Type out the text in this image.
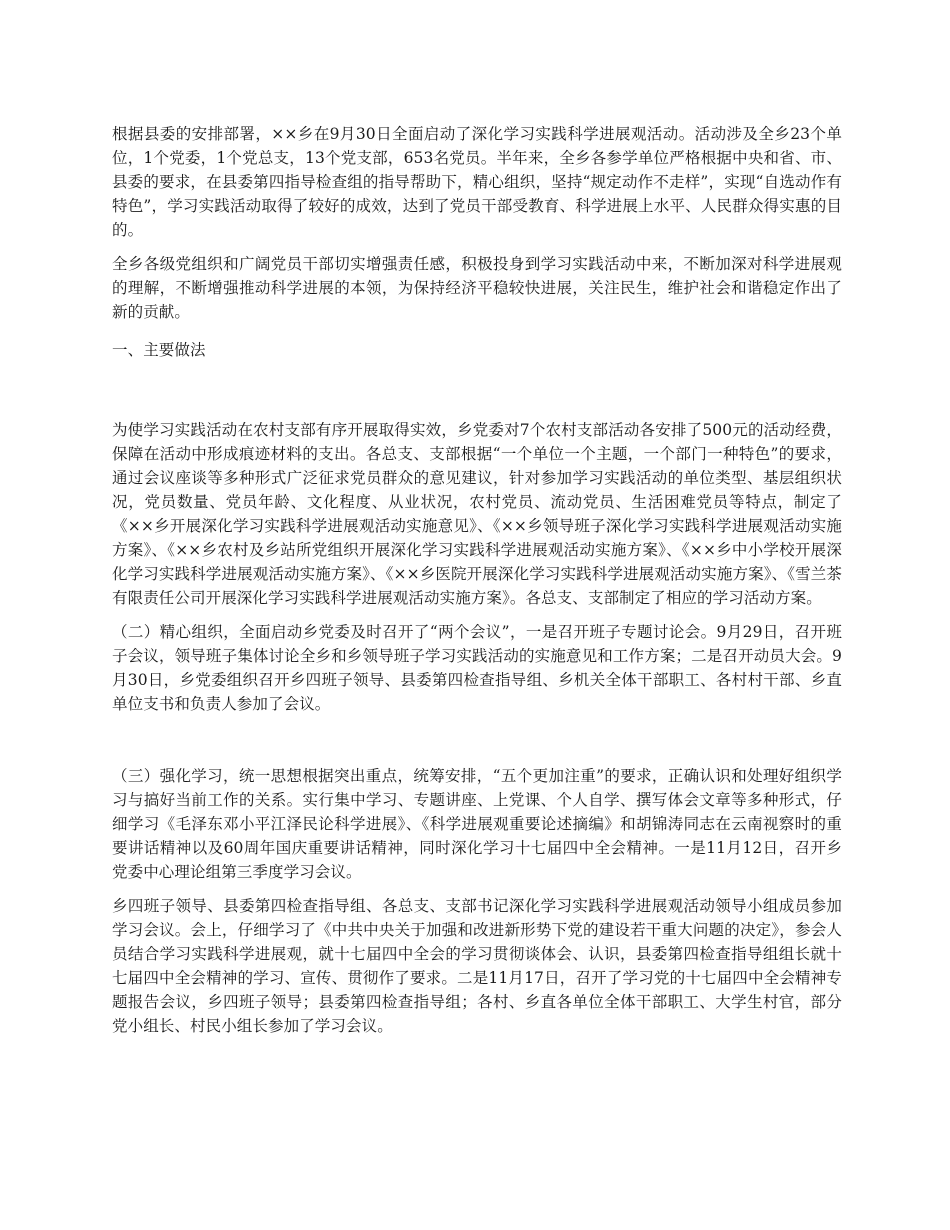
根据县委的安排部署，××乡在9月30日全面启动了深化学习实践科学进展观活动。活动涉及全乡23个单位，1个党委，1个党总支，13个党支部，653名党员。半年来，全乡各参学单位严格根据中央和省、市、县委的要求，在县委第四指导检查组的指导帮助下，精心组织，坚持“规定动作不走样”，实现“自选动作有特色”，学习实践活动取得了较好的成效，达到了党员干部受教育、科学进展上水平、人民群众得实惠的目的。

全乡各级党组织和广阔党员干部切实增强责任感，积极投身到学习实践活动中来，不断加深对科学进展观的理解，不断增强推动科学进展的本领，为保持经济平稳较快进展，关注民生，维护社会和谐稳定作出了新的贡献。

一、主要做法

为使学习实践活动在农村支部有序开展取得实效，乡党委对7个农村支部活动各安排了500元的活动经费，保障在活动中形成痕迹材料的支出。各总支、支部根据“一个单位一个主题，一个部门一种特色”的要求，通过会议座谈等多种形式广泛征求党员群众的意见建议，针对参加学习实践活动的单位类型、基层组织状况，党员数量、党员年龄、文化程度、从业状况，农村党员、流动党员、生活困难党员等特点，制定了《××乡开展深化学习实践科学进展观活动实施意见》、《××乡领导班子深化学习实践科学进展观活动实施方案》、《××乡农村及乡站所党组织开展深化学习实践科学进展观活动实施方案》、《××乡中小学校开展深化学习实践科学进展观活动实施方案》、《××乡医院开展深化学习实践科学进展观活动实施方案》、《雪兰茶有限责任公司开展深化学习实践科学进展观活动实施方案》。各总支、支部制定了相应的学习活动方案。

（二）精心组织，全面启动乡党委及时召开了“两个会议”，一是召开班子专题讨论会。9月29日，召开班子会议，领导班子集体讨论全乡和乡领导班子学习实践活动的实施意见和工作方案；二是召开动员大会。9月30日，乡党委组织召开乡四班子领导、县委第四检查指导组、乡机关全体干部职工、各村村干部、乡直单位支书和负责人参加了会议。

（三）强化学习，统一思想根据突出重点，统筹安排，“五个更加注重”的要求，正确认识和处理好组织学习与搞好当前工作的关系。实行集中学习、专题讲座、上党课、个人自学、撰写体会文章等多种形式，仔细学习《毛泽东邓小平江泽民论科学进展》、《科学进展观重要论述摘编》和胡锦涛同志在云南视察时的重要讲话精神以及60周年国庆重要讲话精神，同时深化学习十七届四中全会精神。一是11月12日，召开乡党委中心理论组第三季度学习会议。

乡四班子领导、县委第四检查指导组、各总支、支部书记深化学习实践科学进展观活动领导小组成员参加学习会议。会上，仔细学习了《中共中央关于加强和改进新形势下党的建设若干重大问题的决定》，参会人员结合学习实践科学进展观，就十七届四中全会的学习贯彻谈体会、认识，县委第四检查指导组组长就十七届四中全会精神的学习、宣传、贯彻作了要求。二是11月17日，召开了学习党的十七届四中全会精神专题报告会议，乡四班子领导；县委第四检查指导组；各村、乡直各单位全体干部职工、大学生村官，部分党小组长、村民小组长参加了学习会议。
